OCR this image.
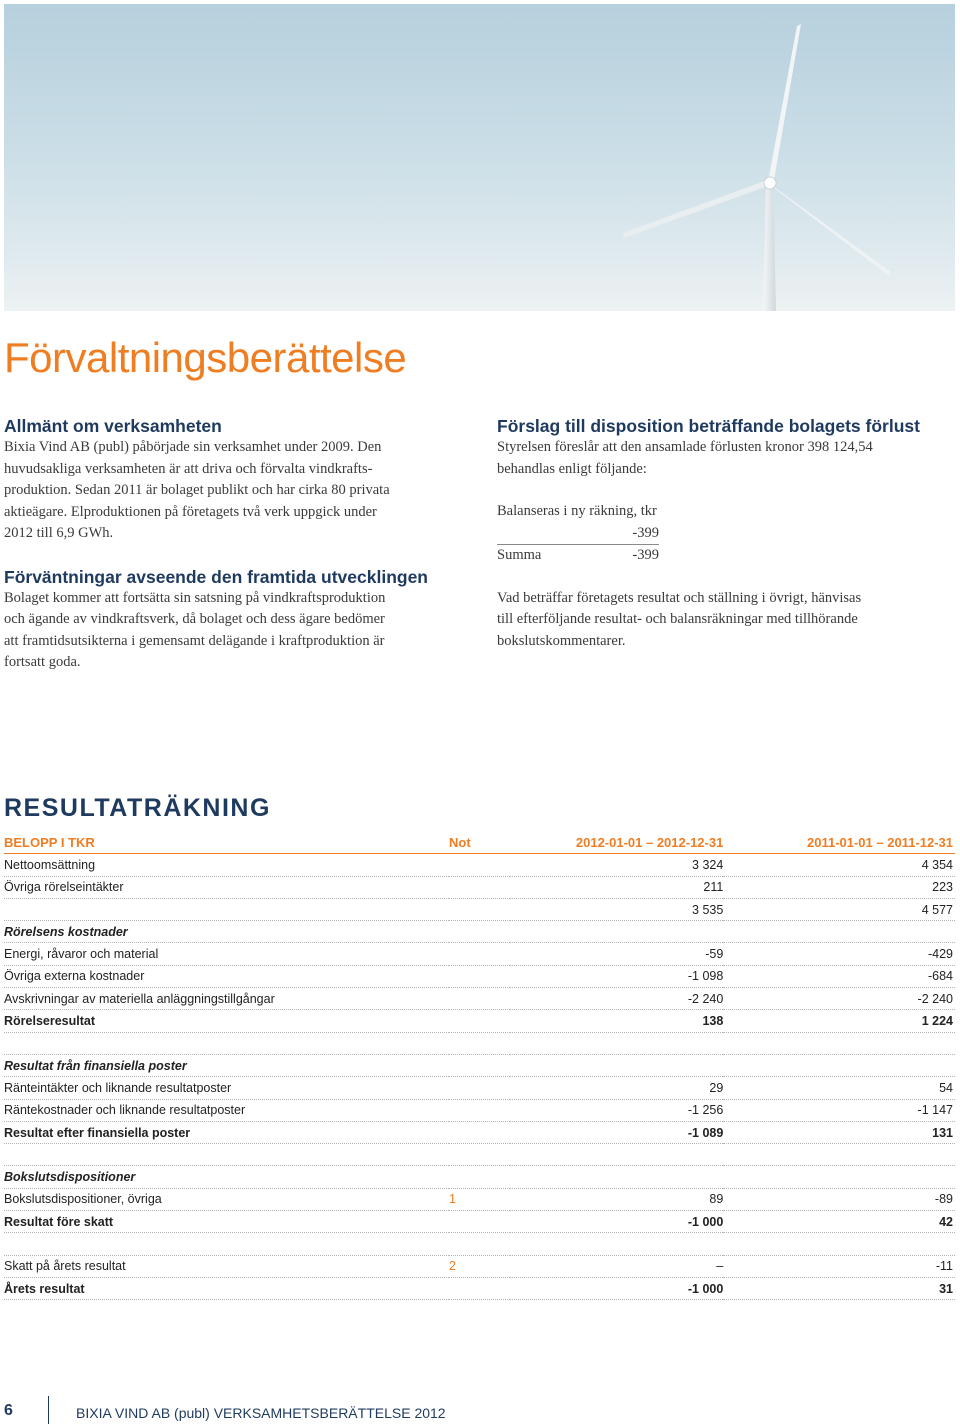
Förvaltningsberättelse
Allmänt om verksamheten

Bixia Vind AB (publ) påbörjade sin verksamhet under 2009. Den

huvudsakliga verksamheten är att driva och förvalta vindkrafts-

produktion. Sedan 2011 är bolaget publikt och har cirka 80 privata

aktieägare. Elproduktionen på företagets två verk uppgick under

2012 till 6,9 GWh.

Förväntningar avseende den framtida utvecklingen

Bolaget kommer att fortsätta sin satsning på vindkraftsproduktion

och ägande av vindkraftsverk, då bolaget och dess ägare bedömer

att framtidsutsikterna i gemensamt delägande i kraftproduktion är

fortsatt goda.

Förslag till disposition beträffande bolagets förlust

Styrelsen föreslår att den ansamlade förlusten kronor 398 124,54

behandlas enligt följande:

Balanseras i ny räkning, tkr

-399
Summa	-399

Vad beträffar företagets resultat och ställning i övrigt, hänvisas

till efterföljande resultat- och balansräkningar med tillhörande

bokslutskommentarer.

RESULTATRÄKNING
BELOPP I TKR	Not	2012-01-01 – 2012-12-31	2011-01-01 – 2011-12-31
Nettoomsättning		3 324	4 354
Övriga rörelseintäkter		211	223
		3 535	4 577
Rörelsens kostnader			
Energi, råvaror och material		-59	-429
Övriga externa kostnader		-1 098	-684
Avskrivningar av materiella anläggningstillgångar		-2 240	-2 240
Rörelseresultat		138	1 224

Resultat från finansiella poster			
Ränteintäkter och liknande resultatposter		29	54
Räntekostnader och liknande resultatposter		-1 256	-1 147
Resultat efter finansiella poster		-1 089	131

Bokslutsdispositioner			
Bokslutsdispositioner, övriga	1	89	-89
Resultat före skatt		-1 000	42

Skatt på årets resultat	2	–	-11
Årets resultat		-1 000	31
6	BIXIA VIND AB (publ) VERKSAMHETSBERÄTTELSE 2012
